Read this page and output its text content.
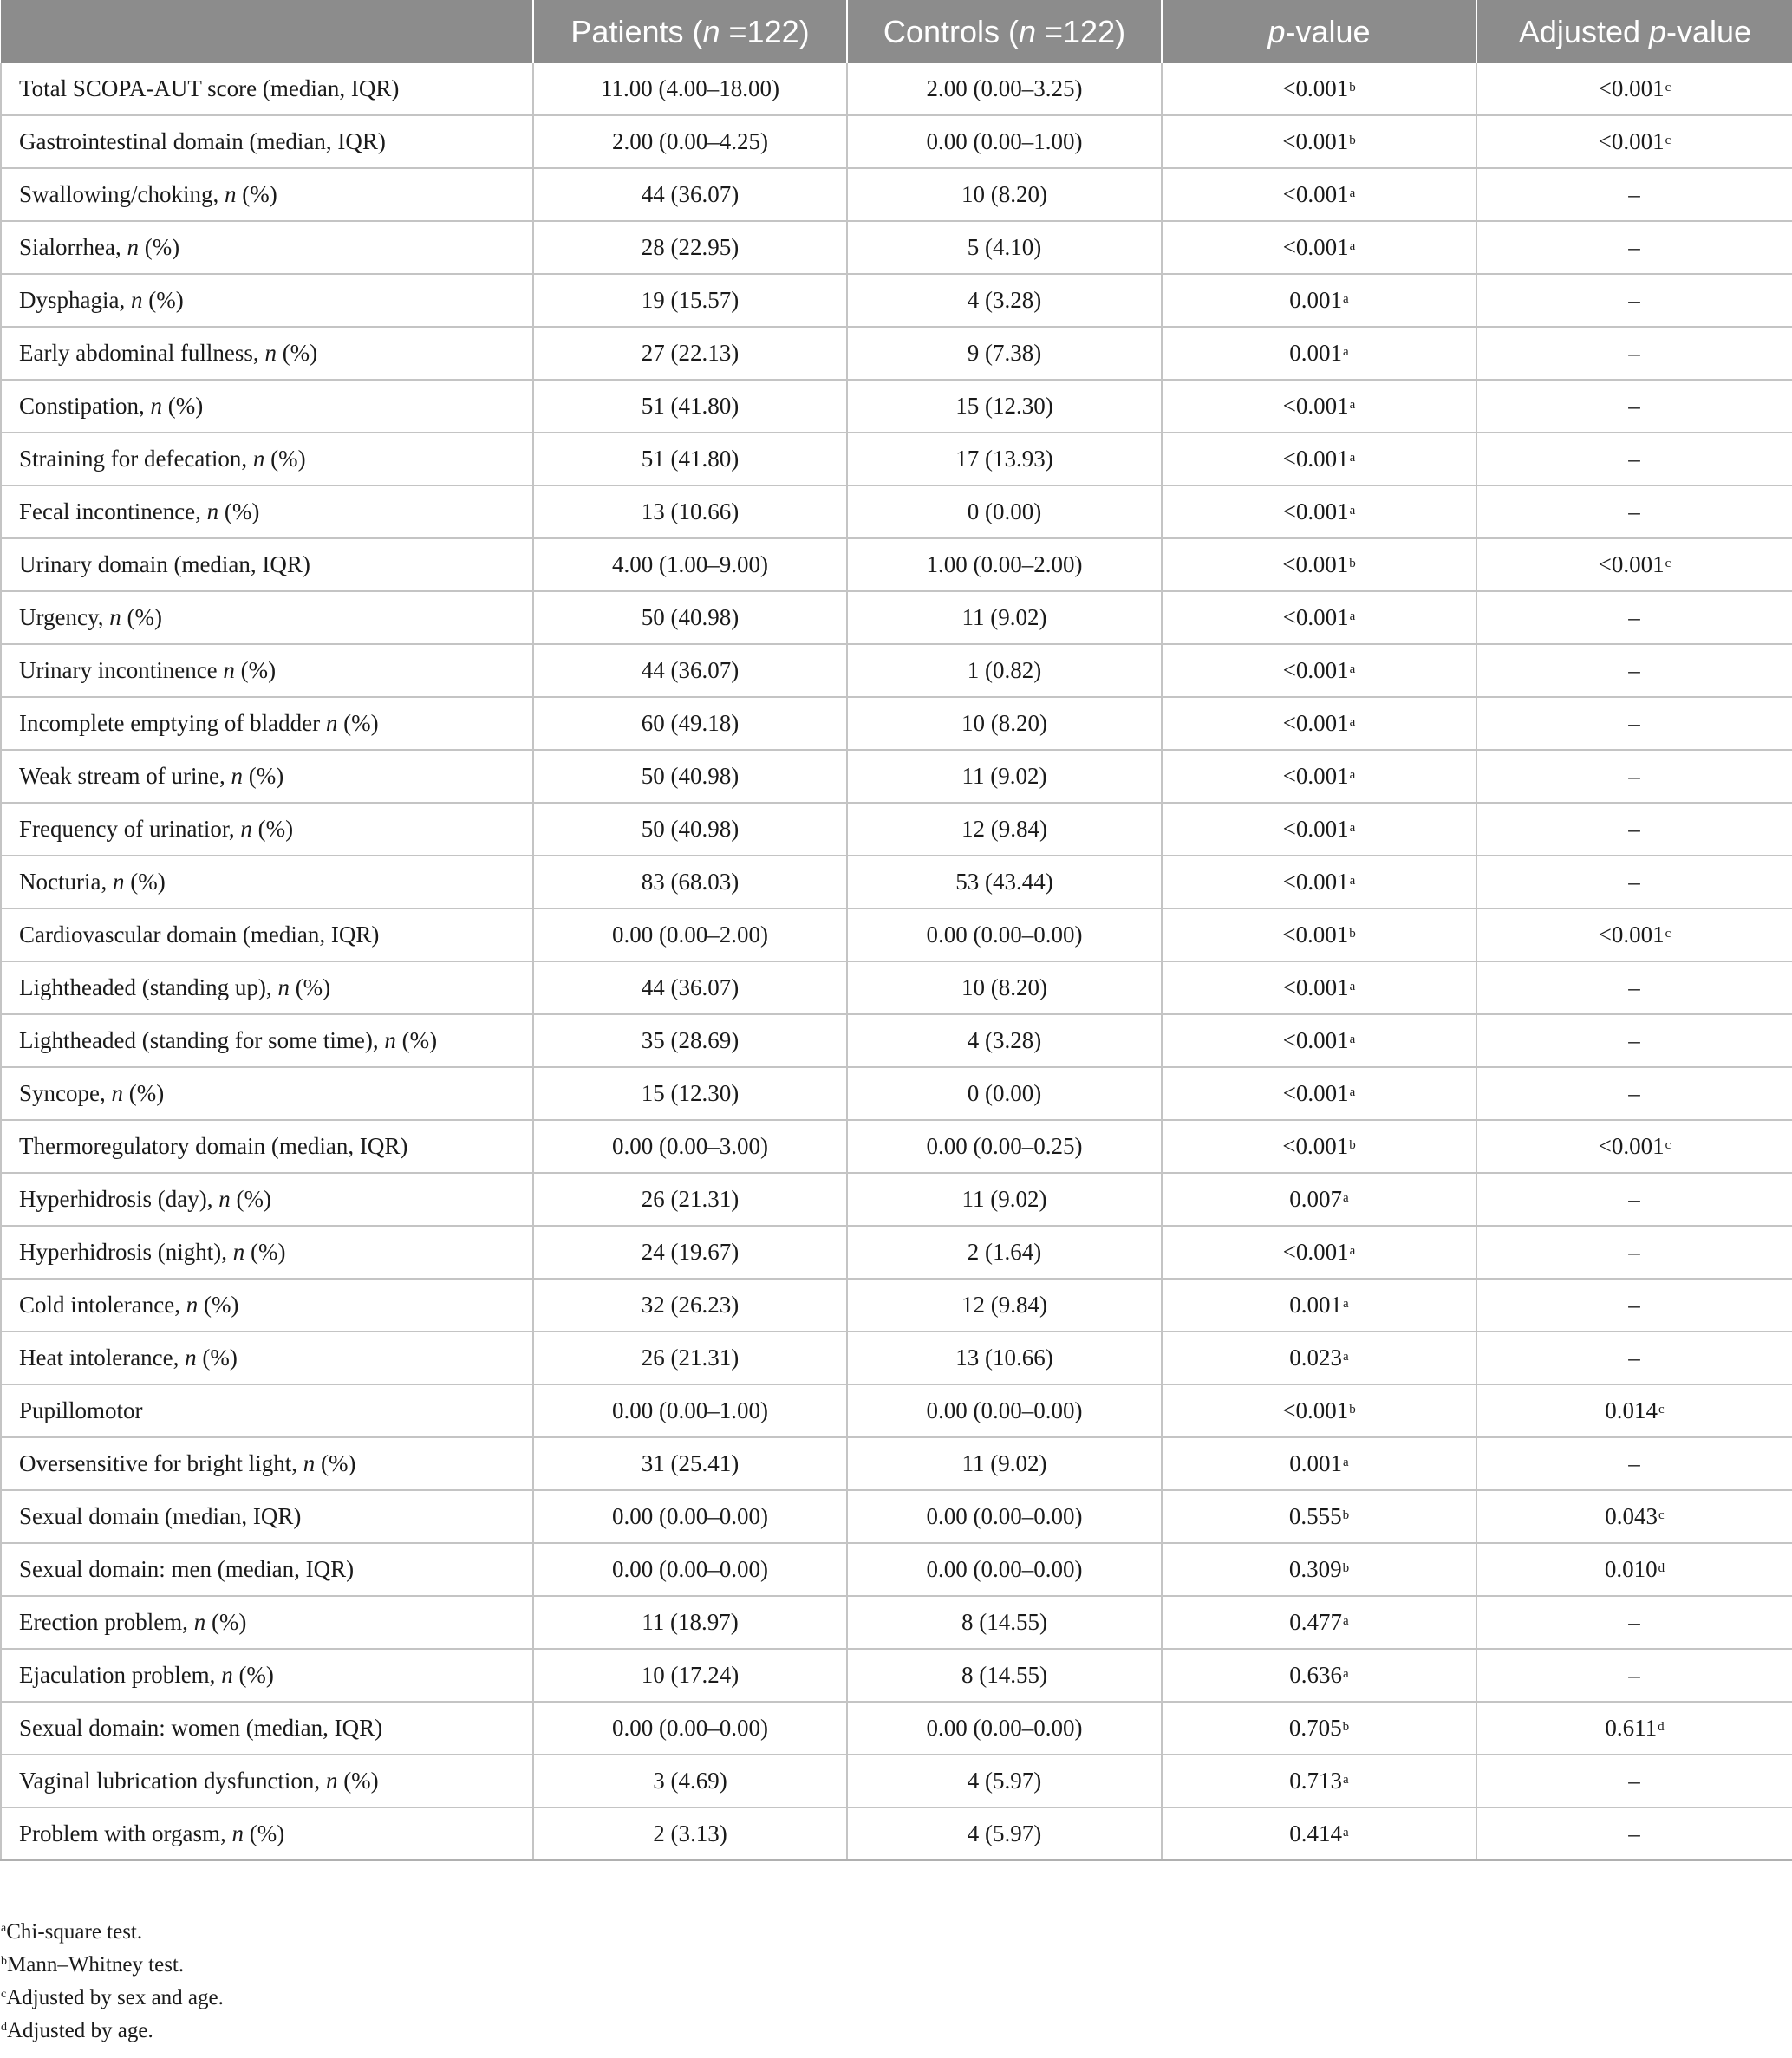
	Patients (n =122)	Controls (n =122)	p-value	Adjusted p-value
Total SCOPA-AUT score (median, IQR)	11.00 (4.00–18.00)	2.00 (0.00–3.25)	<0.001$^b$	<0.001$^c$
Gastrointestinal domain (median, IQR)	2.00 (0.00–4.25)	0.00 (0.00–1.00)	<0.001$^b$	<0.001$^c$
Swallowing/choking, n (%)	44 (36.07)	10 (8.20)	<0.001$^a$	–
Sialorrhea, n (%)	28 (22.95)	5 (4.10)	<0.001$^a$	–
Dysphagia, n (%)	19 (15.57)	4 (3.28)	0.001$^a$	–
Early abdominal fullness, n (%)	27 (22.13)	9 (7.38)	0.001$^a$	–
Constipation, n (%)	51 (41.80)	15 (12.30)	<0.001$^a$	–
Straining for defecation, n (%)	51 (41.80)	17 (13.93)	<0.001$^a$	–
Fecal incontinence, n (%)	13 (10.66)	0 (0.00)	<0.001$^a$	–
Urinary domain (median, IQR)	4.00 (1.00–9.00)	1.00 (0.00–2.00)	<0.001$^b$	<0.001$^c$
Urgency, n (%)	50 (40.98)	11 (9.02)	<0.001$^a$	–
Urinary incontinence n (%)	44 (36.07)	1 (0.82)	<0.001$^a$	–
Incomplete emptying of bladder n (%)	60 (49.18)	10 (8.20)	<0.001$^a$	–
Weak stream of urine, n (%)	50 (40.98)	11 (9.02)	<0.001$^a$	–
Frequency of urinatior, n (%)	50 (40.98)	12 (9.84)	<0.001$^a$	–
Nocturia, n (%)	83 (68.03)	53 (43.44)	<0.001$^a$	–
Cardiovascular domain (median, IQR)	0.00 (0.00–2.00)	0.00 (0.00–0.00)	<0.001$^b$	<0.001$^c$
Lightheaded (standing up), n (%)	44 (36.07)	10 (8.20)	<0.001$^a$	–
Lightheaded (standing for some time), n (%)	35 (28.69)	4 (3.28)	<0.001$^a$	–
Syncope, n (%)	15 (12.30)	0 (0.00)	<0.001$^a$	–
Thermoregulatory domain (median, IQR)	0.00 (0.00–3.00)	0.00 (0.00–0.25)	<0.001$^b$	<0.001$^c$
Hyperhidrosis (day), n (%)	26 (21.31)	11 (9.02)	0.007$^a$	–
Hyperhidrosis (night), n (%)	24 (19.67)	2 (1.64)	<0.001$^a$	–
Cold intolerance, n (%)	32 (26.23)	12 (9.84)	0.001$^a$	–
Heat intolerance, n (%)	26 (21.31)	13 (10.66)	0.023$^a$	–
Pupillomotor	0.00 (0.00–1.00)	0.00 (0.00–0.00)	<0.001$^b$	0.014$^c$
Oversensitive for bright light, n (%)	31 (25.41)	11 (9.02)	0.001$^a$	–
Sexual domain (median, IQR)	0.00 (0.00–0.00)	0.00 (0.00–0.00)	0.555$^b$	0.043$^c$
Sexual domain: men (median, IQR)	0.00 (0.00–0.00)	0.00 (0.00–0.00)	0.309$^b$	0.010$^d$
Erection problem, n (%)	11 (18.97)	8 (14.55)	0.477$^a$	–
Ejaculation problem, n (%)	10 (17.24)	8 (14.55)	0.636$^a$	–
Sexual domain: women (median, IQR)	0.00 (0.00–0.00)	0.00 (0.00–0.00)	0.705$^b$	0.611$^d$
Vaginal lubrication dysfunction, n (%)	3 (4.69)	4 (5.97)	0.713$^a$	–
Problem with orgasm, n (%)	2 (3.13)	4 (5.97)	0.414$^a$	–
$^a$Chi-square test.
$^b$Mann–Whitney test.
$^c$Adjusted by sex and age.
$^d$Adjusted by age.
